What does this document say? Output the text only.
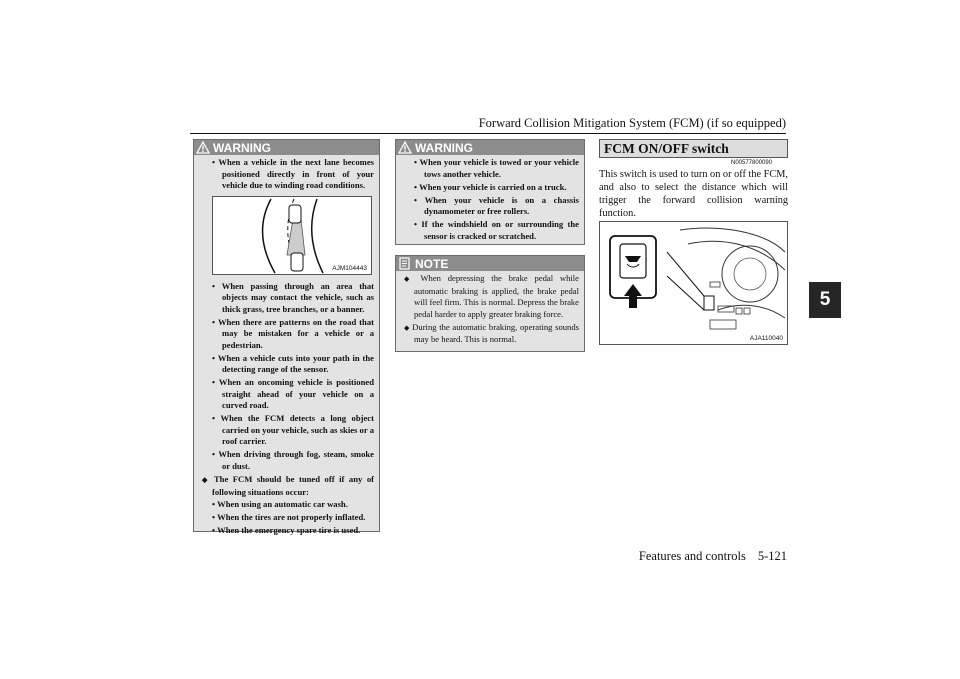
Forward Collision Mitigation System (FCM) (if so equipped)
5
WARNING
• When a vehicle in the next lane becomes positioned directly in front of your vehicle due to winding road conditions.
AJM104443
• When passing through an area that objects may contact the vehicle, such as thick grass, tree branches, or a banner.
• When there are patterns on the road that may be mistaken for a vehicle or a pedestrian.
• When a vehicle cuts into your path in the detecting range of the sensor.
• When an oncoming vehicle is positioned straight ahead of your vehicle on a curved road.
• When the FCM detects a long object carried on your vehicle, such as skies or a roof carrier.
• When driving through fog, steam, smoke or dust.
◆ The FCM should be tuned off if any of following situations occur:
• When using an automatic car wash.
• When the tires are not properly inflated.
• When the emergency spare tire is used.
WARNING
• When your vehicle is towed or your vehicle tows another vehicle.
• When your vehicle is carried on a truck.
• When your vehicle is on a chassis dynamometer or free rollers.
• If the windshield on or surrounding the sensor is cracked or scratched.
NOTE
◆ When depressing the brake pedal while automatic braking is applied, the brake pedal will feel firm. This is normal. Depress the brake pedal harder to apply greater braking force.
◆ During the automatic braking, operating sounds may be heard. This is normal.
FCM ON/OFF switch
N00577800090
This switch is used to turn on or off the FCM, and also to select the distance which will trigger the forward collision warning function.
AJA110040
Features and controls 5-121
